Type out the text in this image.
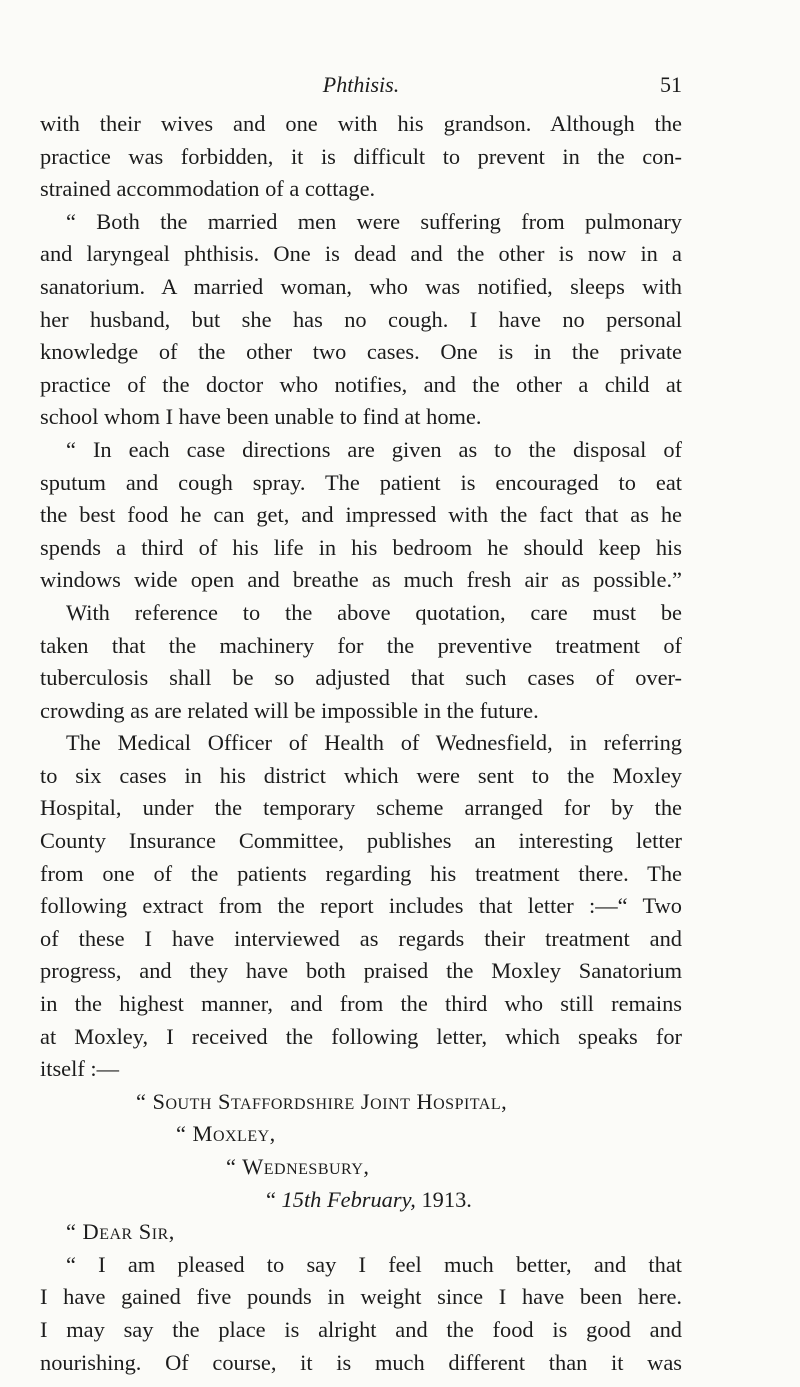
Phthisis.	51
with their wives and one with his grandson. Although the
practice was forbidden, it is difficult to prevent in the con-
strained accommodation of a cottage.
“ Both the married men were suffering from pulmonary
and laryngeal phthisis. One is dead and the other is now in a
sanatorium. A married woman, who was notified, sleeps with
her husband, but she has no cough. I have no personal
knowledge of the other two cases. One is in the private
practice of the doctor who notifies, and the other a child at
school whom I have been unable to find at home.
“ In each case directions are given as to the disposal of
sputum and cough spray. The patient is encouraged to eat
the best food he can get, and impressed with the fact that as he
spends a third of his life in his bedroom he should keep his
windows wide open and breathe as much fresh air as possible.”
With reference to the above quotation, care must be
taken that the machinery for the preventive treatment of
tuberculosis shall be so adjusted that such cases of over-
crowding as are related will be impossible in the future.
The Medical Officer of Health of Wednesfield, in referring
to six cases in his district which were sent to the Moxley
Hospital, under the temporary scheme arranged for by the
County Insurance Committee, publishes an interesting letter
from one of the patients regarding his treatment there. The
following extract from the report includes that letter :—“ Two
of these I have interviewed as regards their treatment and
progress, and they have both praised the Moxley Sanatorium
in the highest manner, and from the third who still remains
at Moxley, I received the following letter, which speaks for
itself :—
“ South Staffordshire Joint Hospital,
“ Moxley,
“ Wednesbury,
“ 15th February, 1913.
“ Dear Sir,
“ I am pleased to say I feel much better, and that
I have gained five pounds in weight since I have been here.
I may say the place is alright and the food is good and
nourishing. Of course, it is much different than it was
